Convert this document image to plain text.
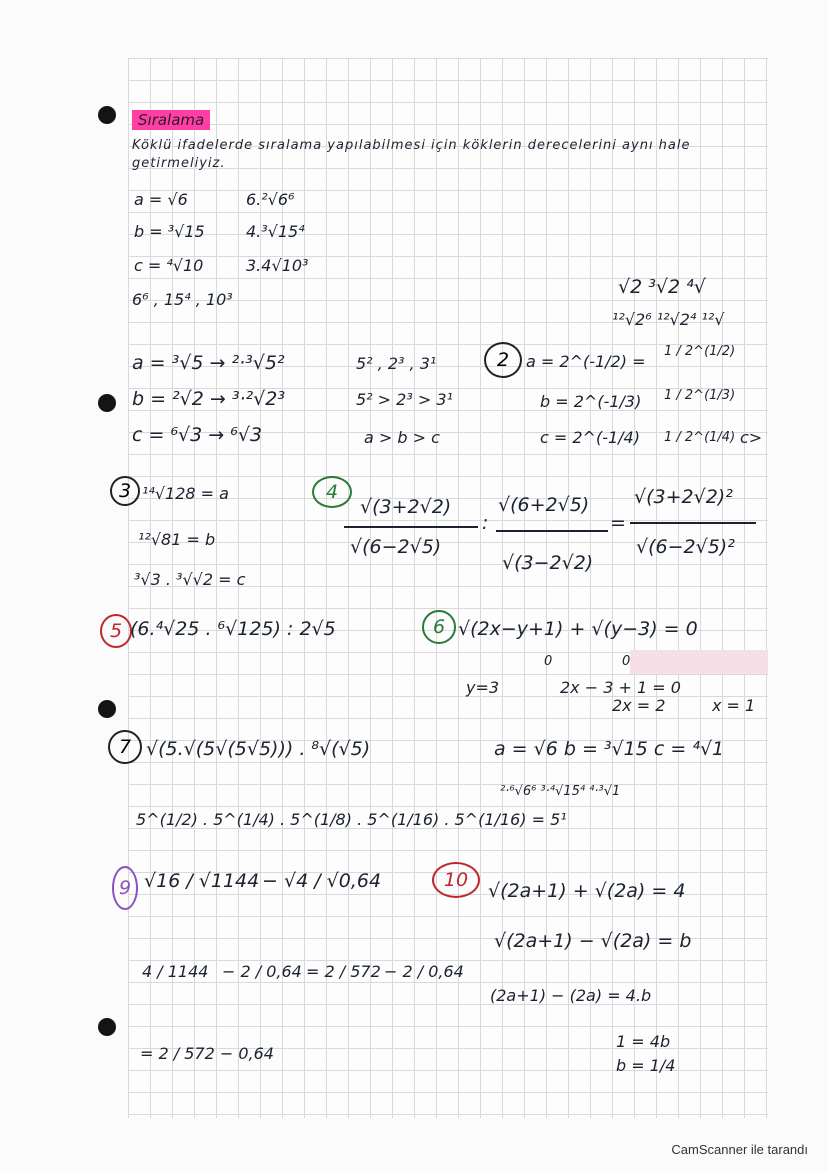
Sıralama
Köklü ifadelerde sıralama yapılabilmesi için köklerin derecelerini aynı hale
getirmeliyiz.
a = √6
b = ³√15
c = ⁴√10
6.²√6⁶
4.³√15⁴
3.4√10³
6⁶ , 15⁴ , 10³
√2 ³√2 ⁴√
¹²√2⁶ ¹²√2⁴ ¹²√
a = ³√5 → ²·³√5²
b = ²√2 → ³·²√2³
c = ⁶√3 → ⁶√3
5² , 2³ , 3¹
5² > 2³ > 3¹
a > b > c
2	a = 2^(-1/2) =
1 / 2^(1/2)
b = 2^(-1/3) 1 / 2^(1/3)
c = 2^(-1/4) 1 / 2^(1/4) c>
3 ¹⁴√128 = a
¹²√81 = b
³√3 . ³√√2 = c
4
√(3+2√2)
√(6−2√5)
:
√(6+2√5)
√(3−2√2)
=
√(3+2√2)²
√(6−2√5)²
5 (6.⁴√25 . ⁶√125) : 2√5	6 √(2x−y+1) + √(y−3) = 0
0	0
y=3	2x − 3 + 1 = 0
2x = 2	x = 1
7 √(5.√(5√(5√5))) . ⁸√(√5)
5^(1/2) . 5^(1/4) . 5^(1/8) . 5^(1/16) . 5^(1/16) = 5¹
a = √6 b = ³√15 c = ⁴√1
²·⁶√6⁶ ³·⁴√15⁴ ⁴·³√1
9 √16 / √1144 − √4 / √0,64
4 / 1144 − 2 / 0,64 = 2 / 572 − 2 / 0,64
= 2 / 572 − 0,64
10	√(2a+1) + √(2a) = 4
√(2a+1) − √(2a) = b
(2a+1) − (2a) = 4.b
1 = 4b
b = 1/4
CamScanner ile tarandı
